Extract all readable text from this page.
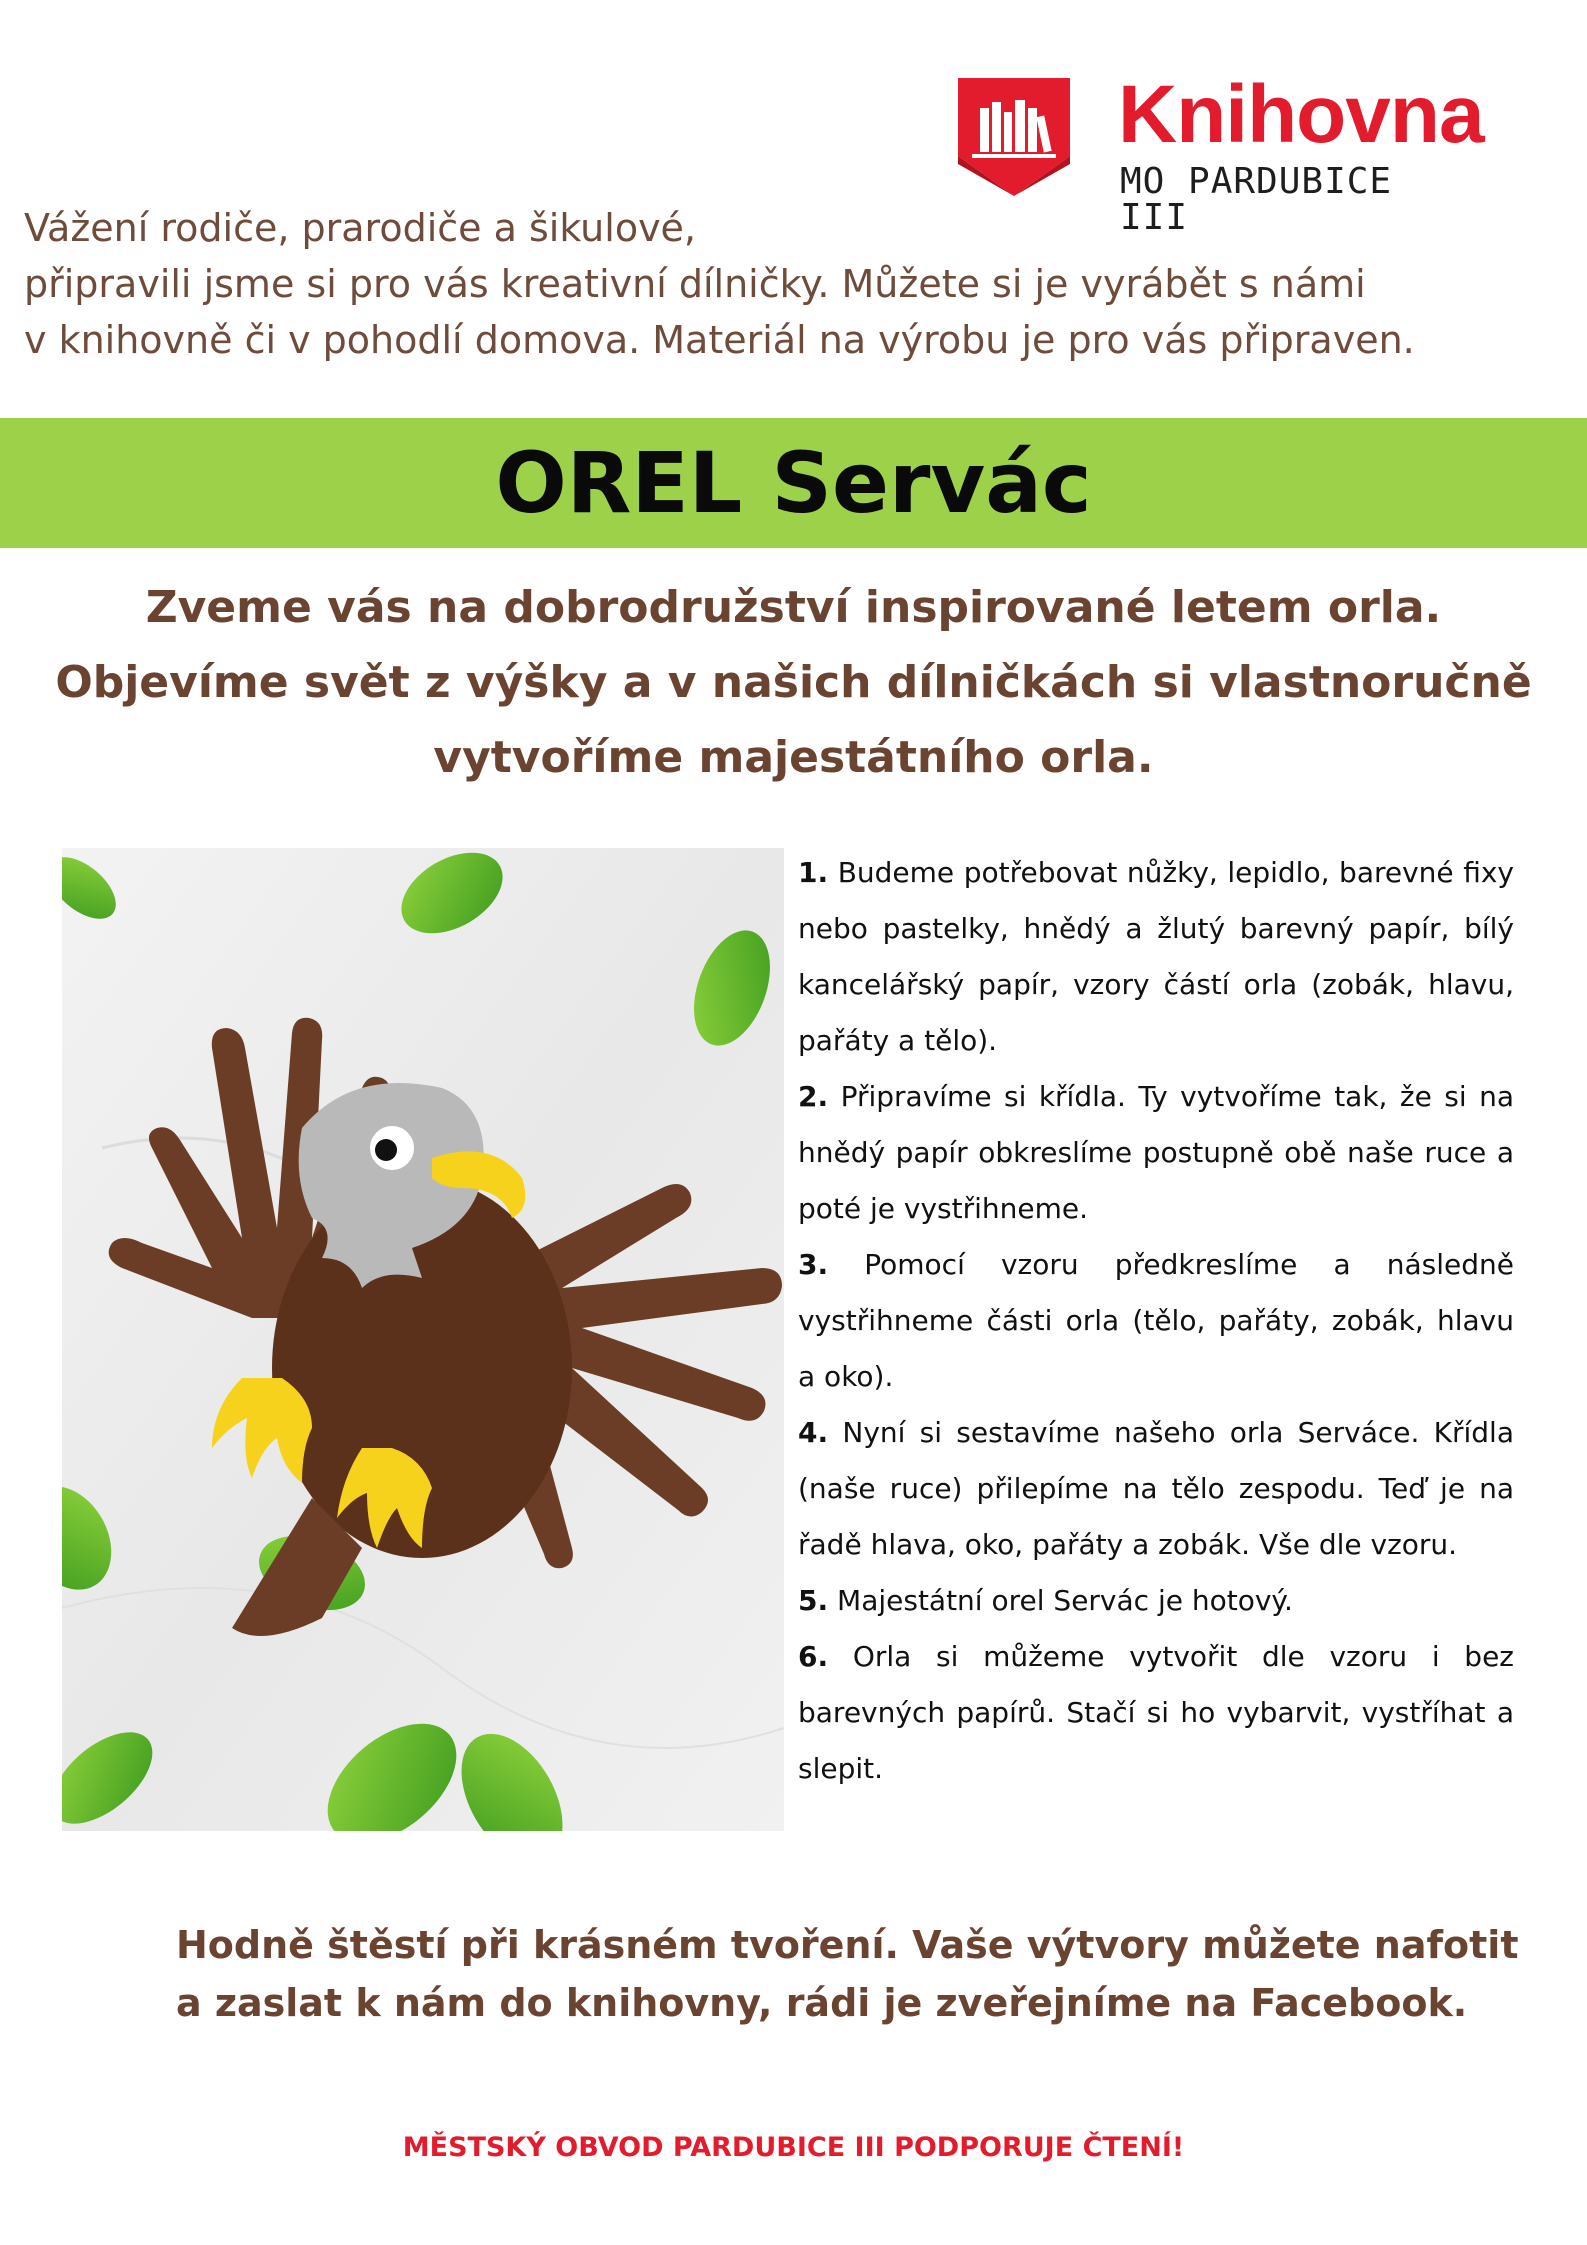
Knihovna
MO PARDUBICE III
Vážení rodiče, prarodiče a šikulové,
připravili jsme si pro vás kreativní dílničky. Můžete si je vyrábět s námi
v knihovně či v pohodlí domova. Materiál na výrobu je pro vás připraven.
OREL Servác
Zveme vás na dobrodružství inspirované letem orla.
Objevíme svět z výšky a v našich dílničkách si vlastnoručně
vytvoříme majestátního orla.
1. Budeme potřebovat nůžky, lepidlo, barevné fixy nebo pastelky, hnědý a žlutý barevný papír, bílý kancelářský papír, vzory částí orla (zobák, hlavu, pařáty a tělo).
2. Připravíme si křídla. Ty vytvoříme tak, že si na hnědý papír obkreslíme postupně obě naše ruce a poté je vystřihneme.
3. Pomocí vzoru předkreslíme a následně vystřihneme části orla (tělo, pařáty, zobák, hlavu a oko).
4. Nyní si sestavíme našeho orla Serváce. Křídla (naše ruce) přilepíme na tělo zespodu. Teď je na řadě hlava, oko, pařáty a zobák. Vše dle vzoru.
5. Majestátní orel Servác je hotový.
6. Orla si můžeme vytvořit dle vzoru i bez barevných papírů. Stačí si ho vybarvit, vystříhat a slepit.
Hodně štěstí při krásném tvoření. Vaše výtvory můžete nafotit
a zaslat k nám do knihovny, rádi je zveřejníme na Facebook.
MĚSTSKÝ OBVOD PARDUBICE III PODPORUJE ČTENÍ!
